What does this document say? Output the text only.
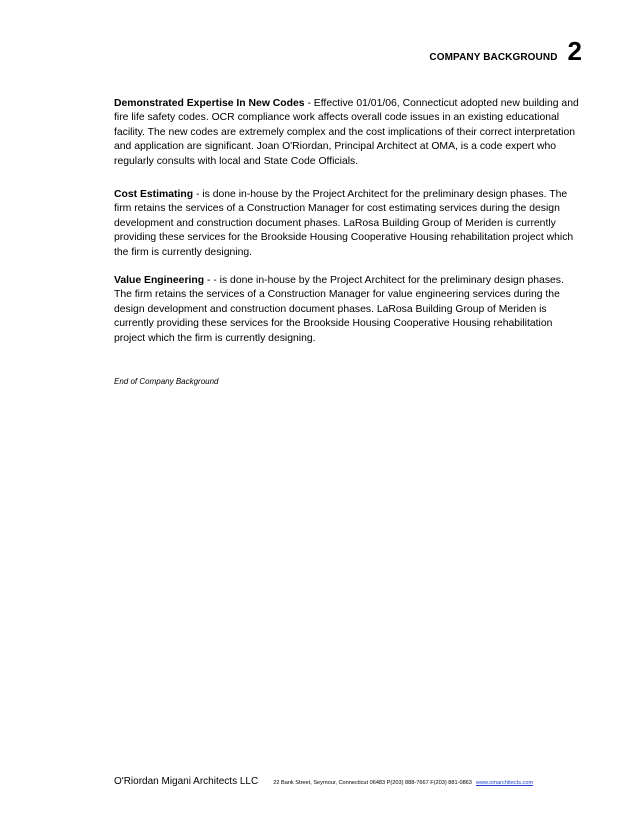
COMPANY BACKGROUND 2

Demonstrated Expertise In New Codes - Effective 01/01/06, Connecticut adopted new building and fire life safety codes. OCR compliance work affects overall code issues in an existing educational facility. The new codes are extremely complex and the cost implications of their correct interpretation and application are significant. Joan O'Riordan, Principal Architect at OMA, is a code expert who regularly consults with local and State Code Officials.

Cost Estimating - is done in-house by the Project Architect for the preliminary design phases. The firm retains the services of a Construction Manager for cost estimating services during the design development and construction document phases. LaRosa Building Group of Meriden is currently providing these services for the Brookside Housing Cooperative Housing rehabilitation project which the firm is currently designing.

Value Engineering - - is done in-house by the Project Architect for the preliminary design phases. The firm retains the services of a Construction Manager for value engineering services during the design development and construction document phases. LaRosa Building Group of Meriden is currently providing these services for the Brookside Housing Cooperative Housing rehabilitation project which the firm is currently designing.

End of Company Background

O'Riordan Migani Architects LLC	22 Bank Street, Seymour, Connecticut 06483 P(203) 888-7667 F(203) 881-0863 www.omarchitects.com
